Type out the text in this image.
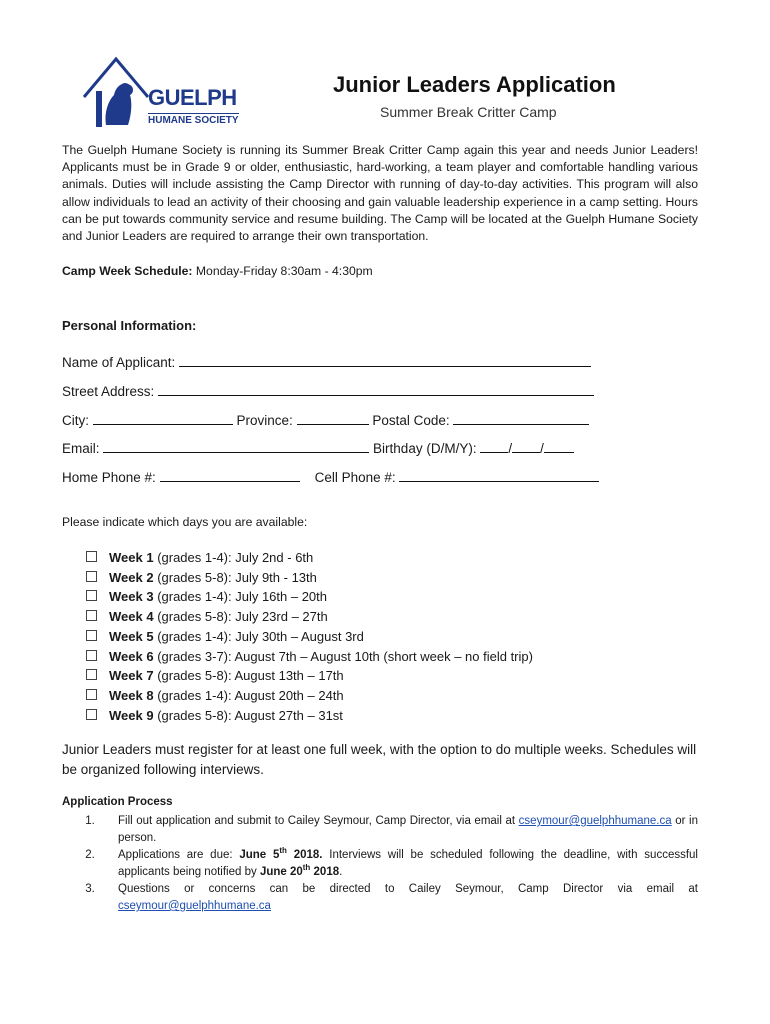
GUELPH
HUMANE SOCIETY
Junior Leaders Application
Summer Break Critter Camp
The Guelph Humane Society is running its Summer Break Critter Camp again this year and needs Junior Leaders! Applicants must be in Grade 9 or older, enthusiastic, hard-working, a team player and comfortable handling various animals. Duties will include assisting the Camp Director with running of day-to-day activities. This program will also allow individuals to lead an activity of their choosing and gain valuable leadership experience in a camp setting. Hours can be put towards community service and resume building. The Camp will be located at the Guelph Humane Society and Junior Leaders are required to arrange their own transportation.
Camp Week Schedule: Monday-Friday 8:30am - 4:30pm
Personal Information:
Name of Applicant:
Street Address:
City:	Province:	Postal Code:
Email:	Birthday (D/M/Y): / /
Home Phone #:	Cell Phone #:
Please indicate which days you are available:
Week 1 (grades 1-4): July 2nd - 6th
Week 2 (grades 5-8): July 9th - 13th
Week 3 (grades 1-4): July 16th – 20th
Week 4 (grades 5-8): July 23rd – 27th
Week 5 (grades 1-4): July 30th – August 3rd
Week 6 (grades 3-7): August 7th – August 10th (short week – no field trip)
Week 7 (grades 5-8): August 13th – 17th
Week 8 (grades 1-4): August 20th – 24th
Week 9 (grades 5-8): August 27th – 31st
Junior Leaders must register for at least one full week, with the option to do multiple weeks. Schedules will be organized following interviews.
Application Process
1.	Fill out application and submit to Cailey Seymour, Camp Director, via email at cseymour@guelphhumane.ca or in person.
2.	Applications are due: June 5th 2018. Interviews will be scheduled following the deadline, with successful applicants being notified by June 20th 2018.
3.	Questions or concerns can be directed to Cailey Seymour, Camp Director via email at cseymour@guelphhumane.ca
